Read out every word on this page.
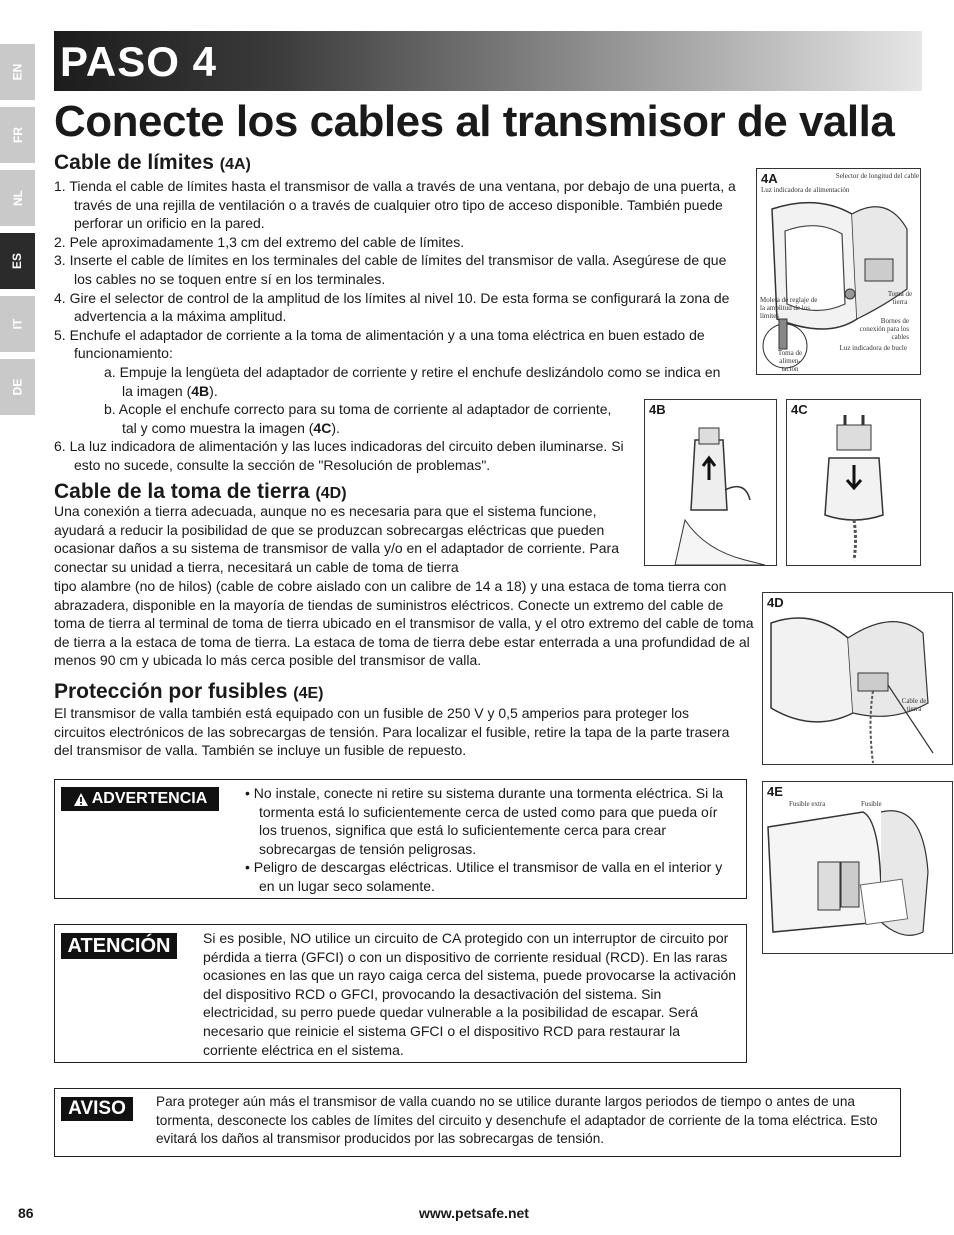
EN
FR
NL
ES
IT
DE
PASO 4
Conecte los cables al transmisor de valla
Cable de límites (4A)
1. Tienda el cable de límites hasta el transmisor de valla a través de una ventana, por debajo de una puerta, a través de una rejilla de ventilación o a través de cualquier otro tipo de acceso disponible. También puede perforar un orificio en la pared.
2. Pele aproximadamente 1,3 cm del extremo del cable de límites.
3. Inserte el cable de límites en los terminales del cable de límites del transmisor de valla. Asegúrese de que los cables no se toquen entre sí en los terminales.
4. Gire el selector de control de la amplitud de los límites al nivel 10. De esta forma se configurará la zona de advertencia a la máxima amplitud.
5. Enchufe el adaptador de corriente a la toma de alimentación y a una toma eléctrica en buen estado de funcionamiento:
a. Empuje la lengüeta del adaptador de corriente y retire el enchufe deslizándolo como se indica en la imagen (4B).
b. Acople el enchufe correcto para su toma de corriente al adaptador de corriente, tal y como muestra la imagen (4C).
6. La luz indicadora de alimentación y las luces indicadoras del circuito deben iluminarse. Si esto no sucede, consulte la sección de "Resolución de problemas".
Cable de la toma de tierra (4D)
Una conexión a tierra adecuada, aunque no es necesaria para que el sistema funcione, ayudará a reducir la posibilidad de que se produzcan sobrecargas eléctricas que pueden ocasionar daños a su sistema de transmisor de valla y/o en el adaptador de corriente. Para conectar su unidad a tierra, necesitará un cable de toma de tierra
tipo alambre (no de hilos) (cable de cobre aislado con un calibre de 14 a 18) y una estaca de toma tierra con abrazadera, disponible en la mayoría de tiendas de suministros eléctricos. Conecte un extremo del cable de toma de tierra al terminal de toma de tierra ubicado en el transmisor de valla, y el otro extremo del cable de toma de tierra a la estaca de toma de tierra. La estaca de toma de tierra debe estar enterrada a una profundidad de al menos 90 cm y ubicada lo más cerca posible del transmisor de valla.
Protección por fusibles (4E)
El transmisor de valla también está equipado con un fusible de 250 V y 0,5 amperios para proteger los circuitos electrónicos de las sobrecargas de tensión. Para localizar el fusible, retire la tapa de la parte trasera del transmisor de valla. También se incluye un fusible de repuesto.
4A	Selector de longitud del cable
Luz indicadora de alimentación
Toma de tierra
Moleta de reglaje de la amplitud de los límites
Bornes de conexión para los cables
Luz indicadora de bucle
Toma de alimen-tación
4B	4C
4D
Cable de tierra
4E
Fusible extra	Fusible
ADVERTENCIA	• No instale, conecte ni retire su sistema durante una tormenta eléctrica. Si la tormenta está lo suficientemente cerca de usted como para que pueda oír los truenos, significa que está lo suficientemente cerca para crear sobrecargas de tensión peligrosas.
• Peligro de descargas eléctricas. Utilice el transmisor de valla en el interior y en un lugar seco solamente.
ATENCIÓN	Si es posible, NO utilice un circuito de CA protegido con un interruptor de circuito por pérdida a tierra (GFCI) o con un dispositivo de corriente residual (RCD). En las raras ocasiones en las que un rayo caiga cerca del sistema, puede provocarse la activación del dispositivo RCD o GFCI, provocando la desactivación del sistema. Sin electricidad, su perro puede quedar vulnerable a la posibilidad de escapar. Será necesario que reinicie el sistema GFCI o el dispositivo RCD para restaurar la corriente eléctrica en el sistema.
AVISO	Para proteger aún más el transmisor de valla cuando no se utilice durante largos periodos de tiempo o antes de una tormenta, desconecte los cables de límites del circuito y desenchufe el adaptador de corriente de la toma eléctrica. Esto evitará los daños al transmisor producidos por las sobrecargas de tensión.
86	www.petsafe.net
